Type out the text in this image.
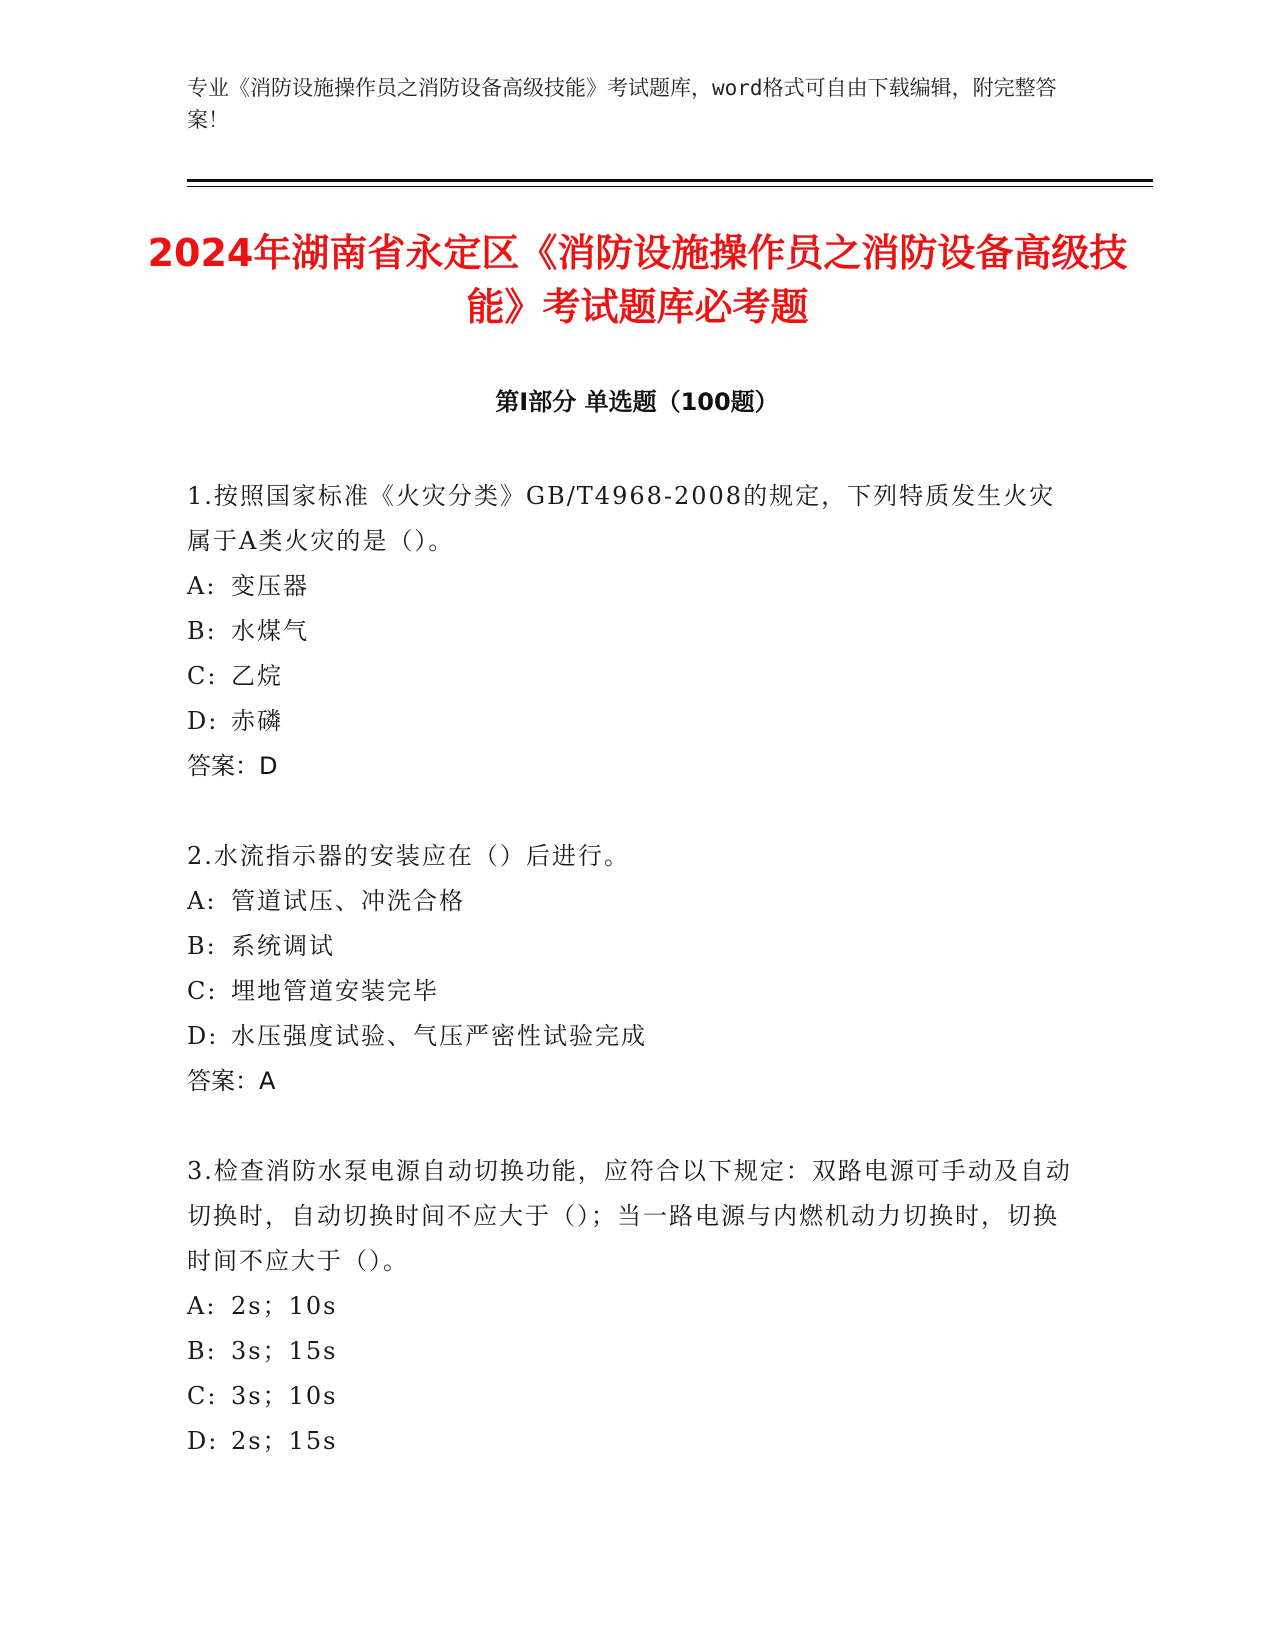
专业《消防设施操作员之消防设备高级技能》考试题库，word格式可自由下载编辑，附完整答案！
2024年湖南省永定区《消防设施操作员之消防设备高级技能》考试题库必考题
第I部分 单选题（100题）

1.按照国家标准《火灾分类》GB/T4968-2008的规定，下列特质发生火灾属于A类火灾的是（）。

A: 变压器

B: 水煤气

C: 乙烷

D: 赤磷

答案：D

2.水流指示器的安装应在（）后进行。

A: 管道试压、冲洗合格

B: 系统调试

C: 埋地管道安装完毕

D: 水压强度试验、气压严密性试验完成

答案：A

3.检查消防水泵电源自动切换功能，应符合以下规定：双路电源可手动及自动切换时，自动切换时间不应大于（）；当一路电源与内燃机动力切换时，切换时间不应大于（）。

A: 2s；10s

B: 3s；15s

C: 3s；10s

D: 2s；15s
